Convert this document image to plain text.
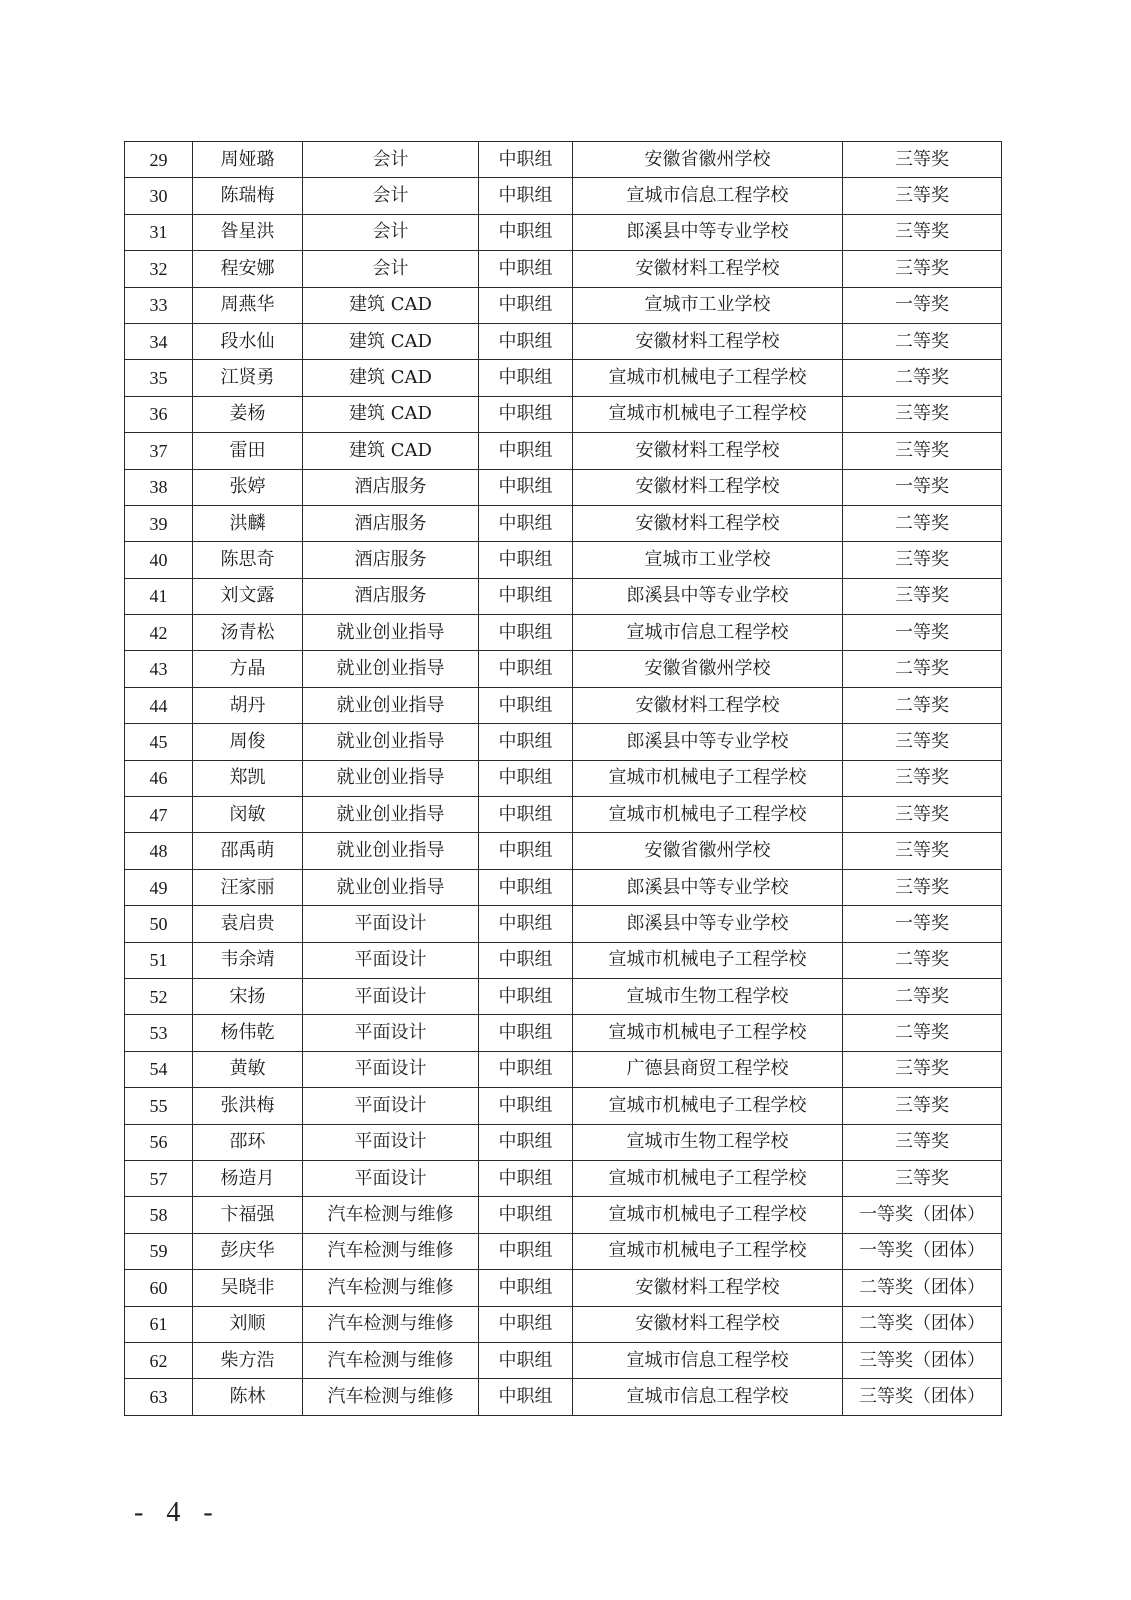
29	周娅璐	会计	中职组	安徽省徽州学校	三等奖
30	陈瑞梅	会计	中职组	宣城市信息工程学校	三等奖
31	昝星洪	会计	中职组	郎溪县中等专业学校	三等奖
32	程安娜	会计	中职组	安徽材料工程学校	三等奖
33	周燕华	建筑 CAD	中职组	宣城市工业学校	一等奖
34	段水仙	建筑 CAD	中职组	安徽材料工程学校	二等奖
35	江贤勇	建筑 CAD	中职组	宣城市机械电子工程学校	二等奖
36	姜杨	建筑 CAD	中职组	宣城市机械电子工程学校	三等奖
37	雷田	建筑 CAD	中职组	安徽材料工程学校	三等奖
38	张婷	酒店服务	中职组	安徽材料工程学校	一等奖
39	洪麟	酒店服务	中职组	安徽材料工程学校	二等奖
40	陈思奇	酒店服务	中职组	宣城市工业学校	三等奖
41	刘文露	酒店服务	中职组	郎溪县中等专业学校	三等奖
42	汤青松	就业创业指导	中职组	宣城市信息工程学校	一等奖
43	方晶	就业创业指导	中职组	安徽省徽州学校	二等奖
44	胡丹	就业创业指导	中职组	安徽材料工程学校	二等奖
45	周俊	就业创业指导	中职组	郎溪县中等专业学校	三等奖
46	郑凯	就业创业指导	中职组	宣城市机械电子工程学校	三等奖
47	闵敏	就业创业指导	中职组	宣城市机械电子工程学校	三等奖
48	邵禹萌	就业创业指导	中职组	安徽省徽州学校	三等奖
49	汪家丽	就业创业指导	中职组	郎溪县中等专业学校	三等奖
50	袁启贵	平面设计	中职组	郎溪县中等专业学校	一等奖
51	韦余靖	平面设计	中职组	宣城市机械电子工程学校	二等奖
52	宋扬	平面设计	中职组	宣城市生物工程学校	二等奖
53	杨伟乾	平面设计	中职组	宣城市机械电子工程学校	二等奖
54	黄敏	平面设计	中职组	广德县商贸工程学校	三等奖
55	张洪梅	平面设计	中职组	宣城市机械电子工程学校	三等奖
56	邵环	平面设计	中职组	宣城市生物工程学校	三等奖
57	杨造月	平面设计	中职组	宣城市机械电子工程学校	三等奖
58	卞福强	汽车检测与维修	中职组	宣城市机械电子工程学校	一等奖（团体）
59	彭庆华	汽车检测与维修	中职组	宣城市机械电子工程学校	一等奖（团体）
60	吴晓非	汽车检测与维修	中职组	安徽材料工程学校	二等奖（团体）
61	刘顺	汽车检测与维修	中职组	安徽材料工程学校	二等奖（团体）
62	柴方浩	汽车检测与维修	中职组	宣城市信息工程学校	三等奖（团体）
63	陈林	汽车检测与维修	中职组	宣城市信息工程学校	三等奖（团体）
- 4 -
